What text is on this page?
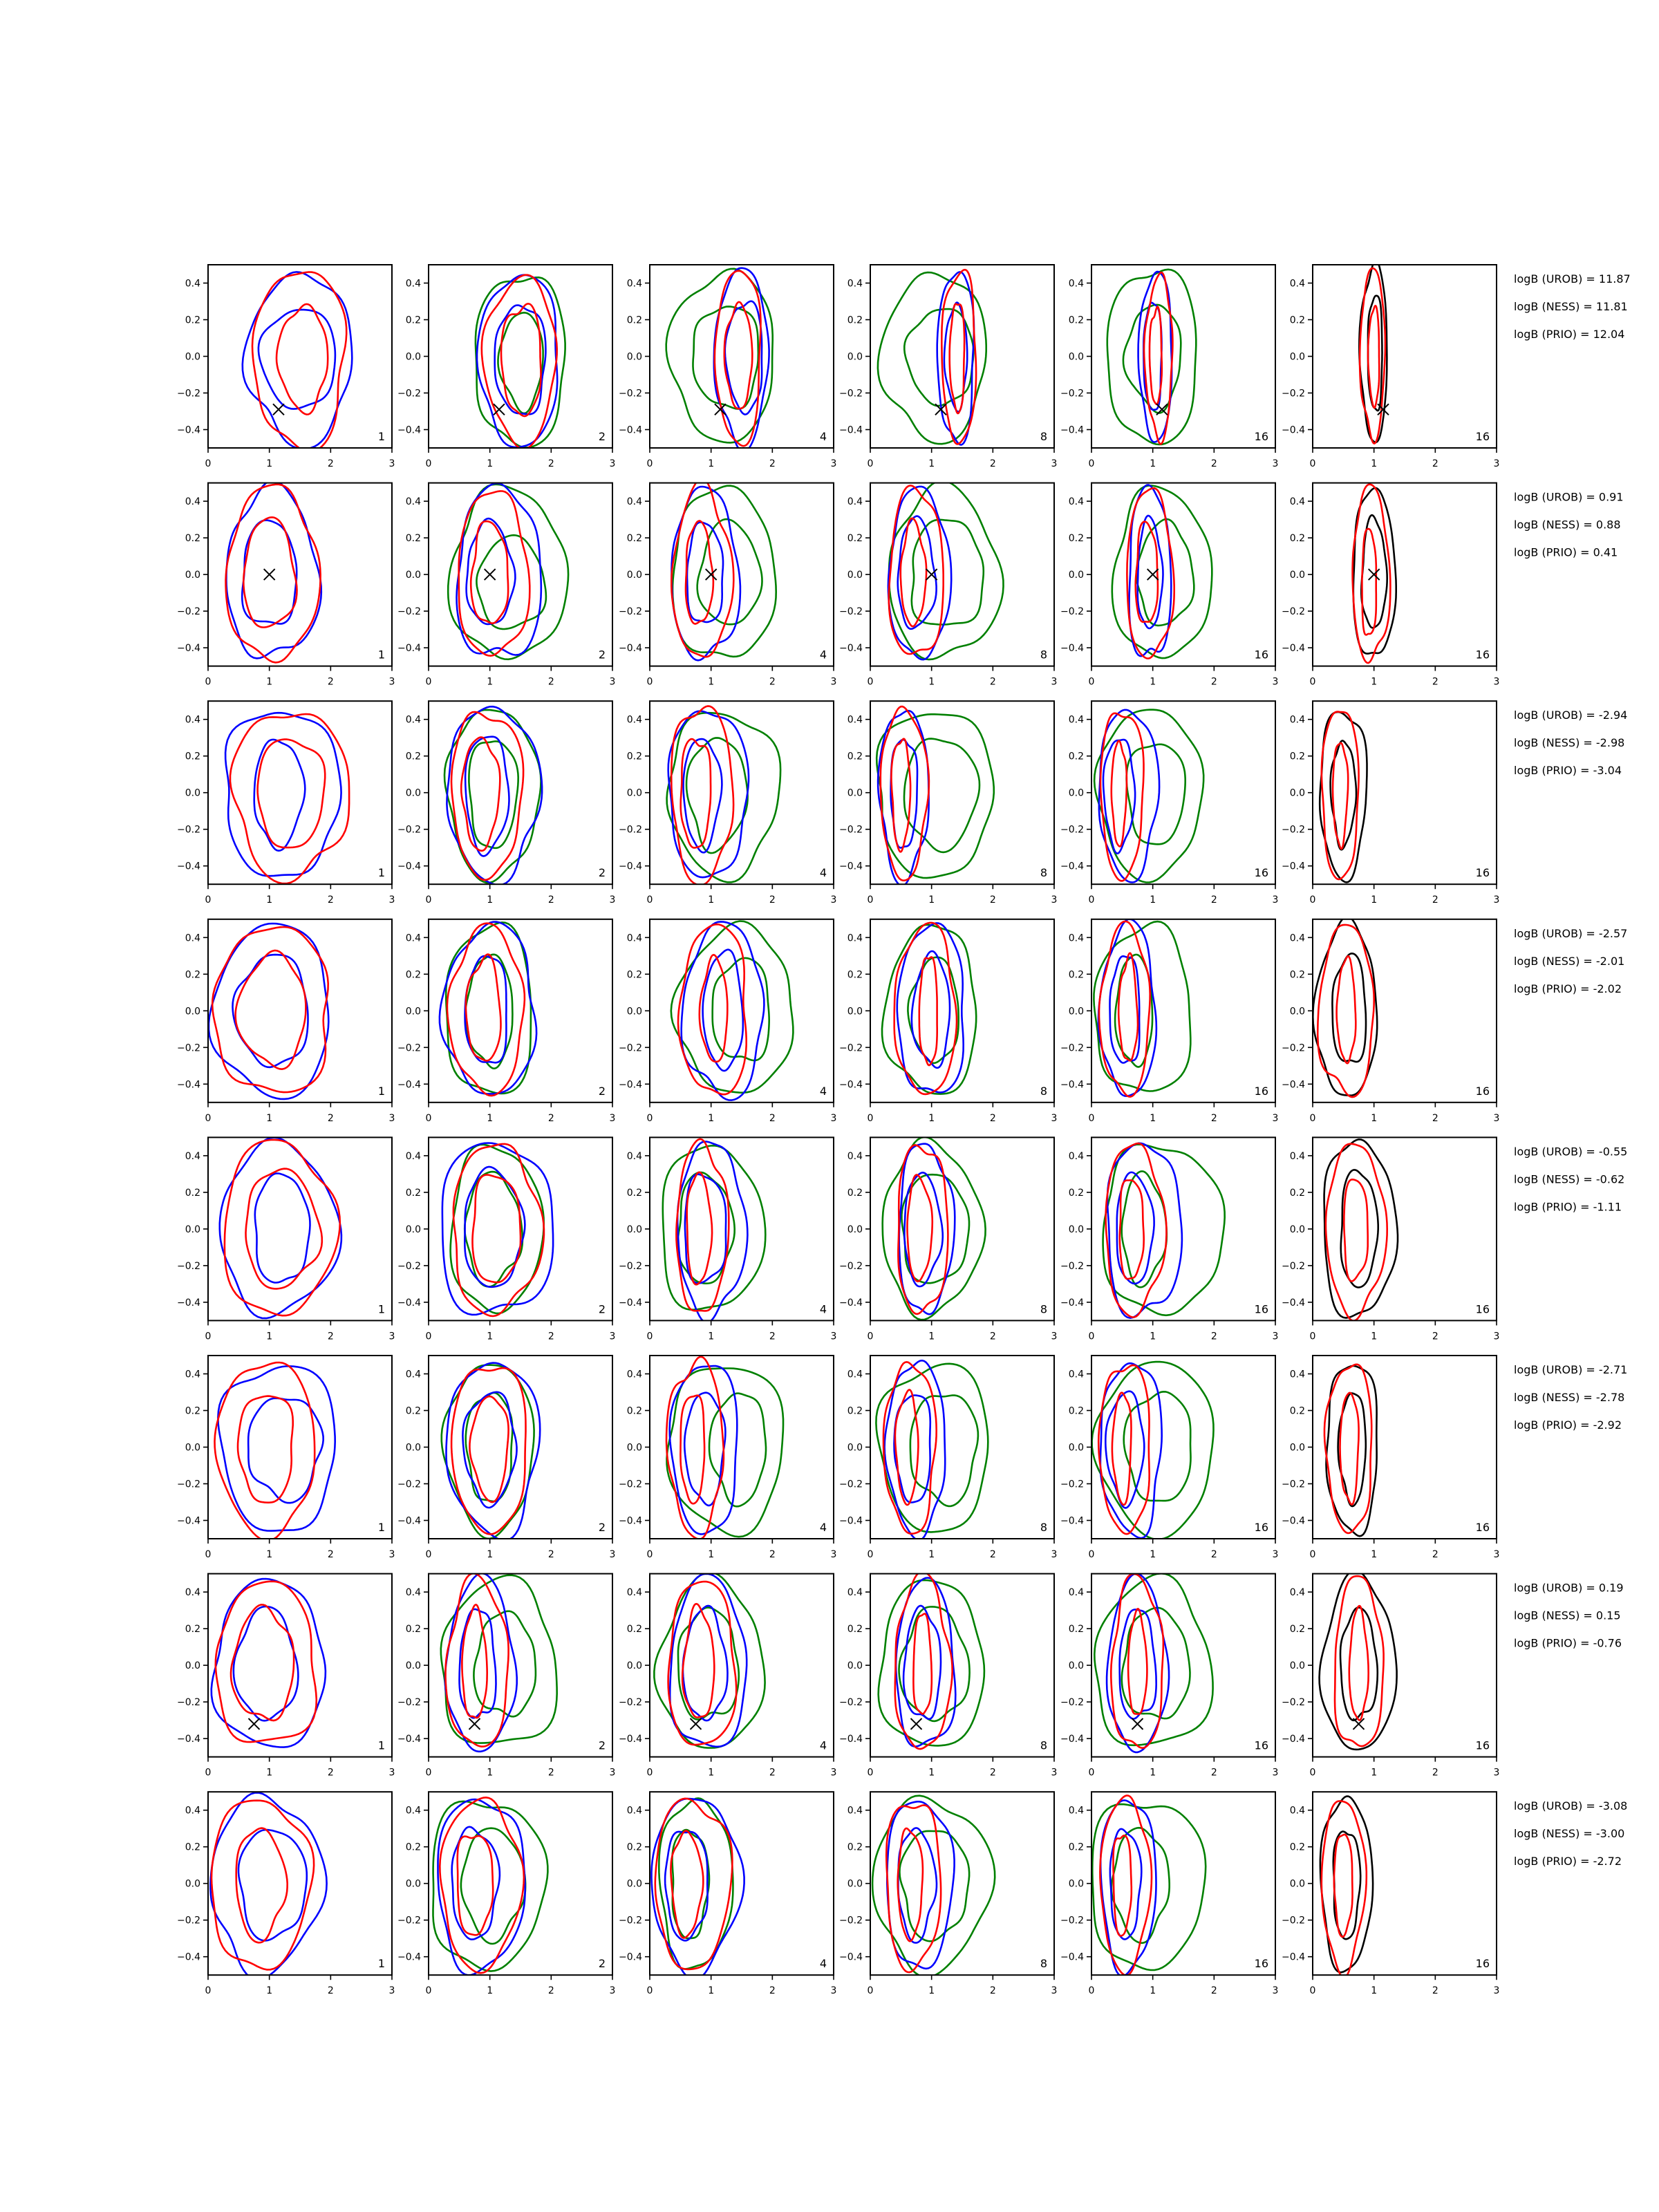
0.4
0.2
0.0
−0.2
−0.4
0	1	2	3
1
0.4
0.2
0.0
−0.2
−0.4
0	1	2	3
2
0.4
0.2
0.0
−0.2
−0.4
0	1	2	3
4
0.4
0.2
0.0
−0.2
−0.4
0	1	2	3
8
0.4
0.2
0.0
−0.2
−0.4
0	1	2	3
16
0.4
0.2
0.0
−0.2
−0.4
0	1	2	3
16
logB (UROB) = 11.87
logB (NESS) = 11.81
logB (PRIO) = 12.04
0.4
0.2
0.0
−0.2
−0.4
0	1	2	3
1
0.4
0.2
0.0
−0.2
−0.4
0	1	2	3
2
0.4
0.2
0.0
−0.2
−0.4
0	1	2	3
4
0.4
0.2
0.0
−0.2
−0.4
0	1	2	3
8
0.4
0.2
0.0
−0.2
−0.4
0	1	2	3
16
0.4
0.2
0.0
−0.2
−0.4
0	1	2	3
16
logB (UROB) = 0.91
logB (NESS) = 0.88
logB (PRIO) = 0.41
0.4
0.2
0.0
−0.2
−0.4
0	1	2	3
1
0.4
0.2
0.0
−0.2
−0.4
0	1	2	3
2
0.4
0.2
0.0
−0.2
−0.4
0	1	2	3
4
0.4
0.2
0.0
−0.2
−0.4
0	1	2	3
8
0.4
0.2
0.0
−0.2
−0.4
0	1	2	3
16
0.4
0.2
0.0
−0.2
−0.4
0	1	2	3
16
logB (UROB) = -2.94
logB (NESS) = -2.98
logB (PRIO) = -3.04
0.4
0.2
0.0
−0.2
−0.4
0	1	2	3
1
0.4
0.2
0.0
−0.2
−0.4
0	1	2	3
2
0.4
0.2
0.0
−0.2
−0.4
0	1	2	3
4
0.4
0.2
0.0
−0.2
−0.4
0	1	2	3
8
0.4
0.2
0.0
−0.2
−0.4
0	1	2	3
16
0.4
0.2
0.0
−0.2
−0.4
0	1	2	3
16
logB (UROB) = -2.57
logB (NESS) = -2.01
logB (PRIO) = -2.02
0.4
0.2
0.0
−0.2
−0.4
0	1	2	3
1
0.4
0.2
0.0
−0.2
−0.4
0	1	2	3
2
0.4
0.2
0.0
−0.2
−0.4
0	1	2	3
4
0.4
0.2
0.0
−0.2
−0.4
0	1	2	3
8
0.4
0.2
0.0
−0.2
−0.4
0	1	2	3
16
0.4
0.2
0.0
−0.2
−0.4
0	1	2	3
16
logB (UROB) = -0.55
logB (NESS) = -0.62
logB (PRIO) = -1.11
0.4
0.2
0.0
−0.2
−0.4
0	1	2	3
1
0.4
0.2
0.0
−0.2
−0.4
0	1	2	3
2
0.4
0.2
0.0
−0.2
−0.4
0	1	2	3
4
0.4
0.2
0.0
−0.2
−0.4
0	1	2	3
8
0.4
0.2
0.0
−0.2
−0.4
0	1	2	3
16
0.4
0.2
0.0
−0.2
−0.4
0	1	2	3
16
logB (UROB) = -2.71
logB (NESS) = -2.78
logB (PRIO) = -2.92
0.4
0.2
0.0
−0.2
−0.4
0	1	2	3
1
0.4
0.2
0.0
−0.2
−0.4
0	1	2	3
2
0.4
0.2
0.0
−0.2
−0.4
0	1	2	3
4
0.4
0.2
0.0
−0.2
−0.4
0	1	2	3
8
0.4
0.2
0.0
−0.2
−0.4
0	1	2	3
16
0.4
0.2
0.0
−0.2
−0.4
0	1	2	3
16
logB (UROB) = 0.19
logB (NESS) = 0.15
logB (PRIO) = -0.76
0.4
0.2
0.0
−0.2
−0.4
0	1	2	3
1
0.4
0.2
0.0
−0.2
−0.4
0	1	2	3
2
0.4
0.2
0.0
−0.2
−0.4
0	1	2	3
4
0.4
0.2
0.0
−0.2
−0.4
0	1	2	3
8
0.4
0.2
0.0
−0.2
−0.4
0	1	2	3
16
0.4
0.2
0.0
−0.2
−0.4
0	1	2	3
16
logB (UROB) = -3.08
logB (NESS) = -3.00
logB (PRIO) = -2.72
